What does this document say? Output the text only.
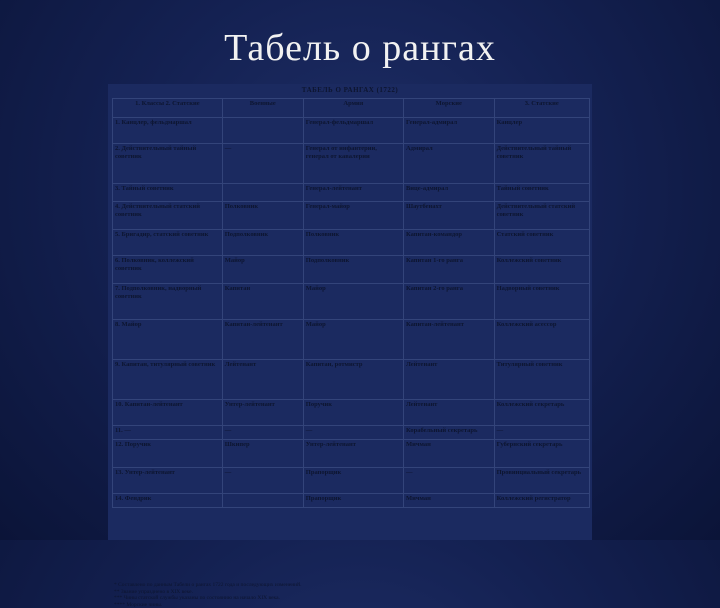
Табель о рангах
ТАБЕЛЬ О РАНГАХ (1722)
1. Классы 2. Статские	Военные	Армия	Морские	3. Статские
1. Канцлер, фельдмаршал		Генерал-фельдмаршал	Генерал-адмирал	Канцлер
2. Действительный тайный советник	—	Генерал от инфантерии, генерал от кавалерии	Адмирал	Действительный тайный советник
3. Тайный советник		Генерал-лейтенант	Вице-адмирал	Тайный советник
4. Действительный статский советник	Полковник	Генерал-майор	Шаутбенахт	Действительный статский советник
5. Бригадир, статский советник	Подполковник	Полковник	Капитан-командор	Статский советник
6. Полковник, коллежский советник	Майор	Подполковник	Капитан 1-го ранга	Коллежский советник
7. Подполковник, надворный советник	Капитан	Майор	Капитан 2-го ранга	Надворный советник
8. Майор	Капитан-лейтенант	Майор	Капитан-лейтенант	Коллежский асессор
9. Капитан, титулярный советник	Лейтенант	Капитан, ротмистр	Лейтенант	Титулярный советник
10. Капитан-лейтенант	Унтер-лейтенант	Поручик	Лейтенант	Коллежский секретарь
11. —	—	—	Корабельный секретарь	—
12. Поручик	Шкипер	Унтер-лейтенант	Мичман	Губернский секретарь
13. Унтер-лейтенант	—	Прапорщик	—	Провинциальный секретарь
14. Фендрик		Прапорщик	Мичман	Коллежский регистратор
* Составлено по данным Табели о рангах 1722 года и последующих изменений.
** Звание упразднено в XIX веке.
*** Чины статской службы указаны по состоянию на начало XIX века.
**** Морские чины.
